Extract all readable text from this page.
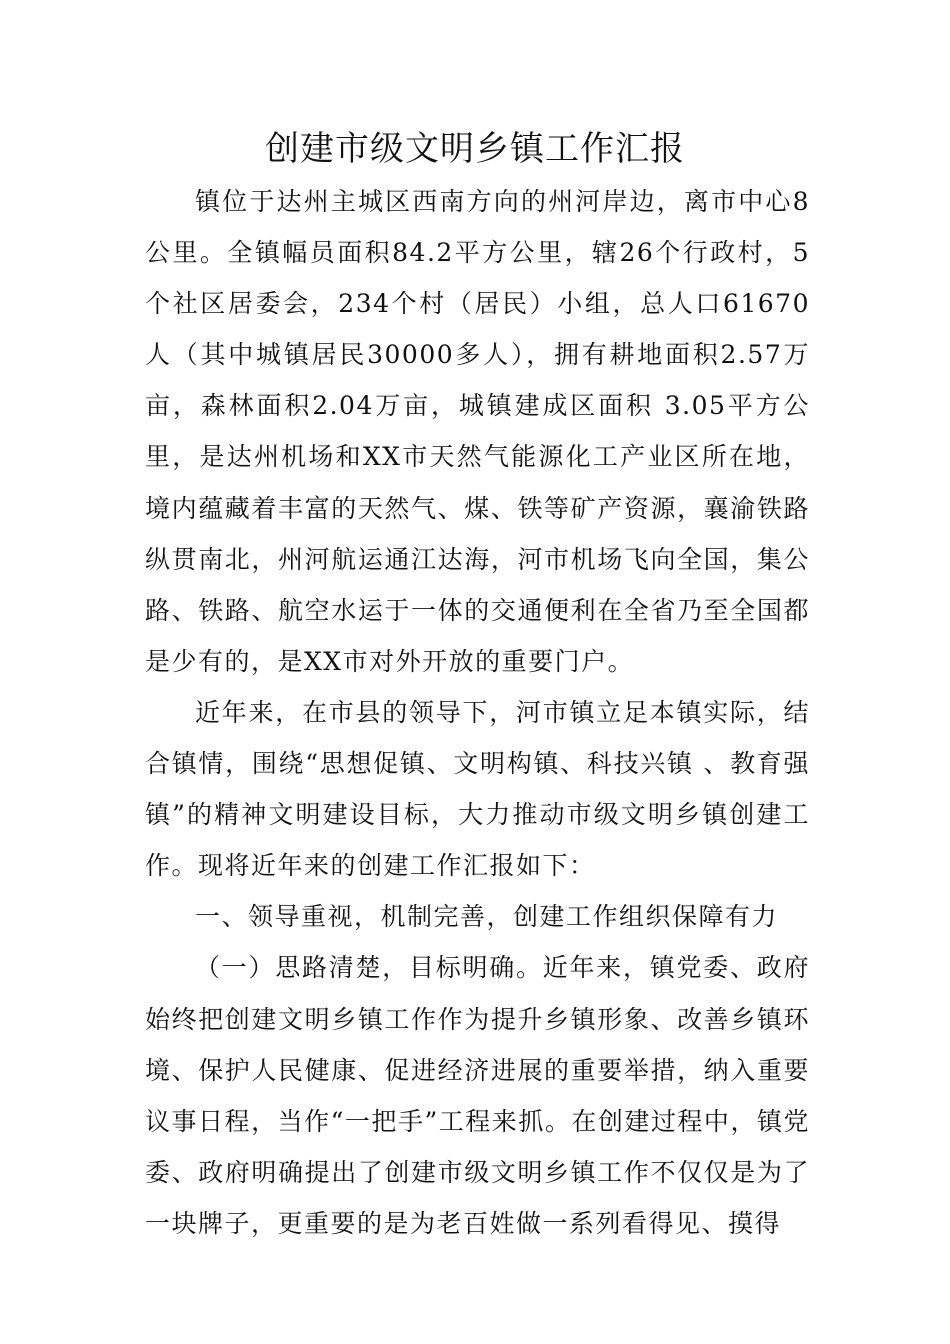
创建市级文明乡镇工作汇报

镇位于达州主城区西南方向的州河岸边，离市中心8公里。全镇幅员面积84.2平方公里，辖26个行政村，5个社区居委会，234个村（居民）小组，总人口61670人（其中城镇居民30000多人），拥有耕地面积2.57万亩，森林面积2.04万亩，城镇建成区面积 3.05平方公里，是达州机场和XX市天然气能源化工产业区所在地，境内蕴藏着丰富的天然气、煤、铁等矿产资源，襄渝铁路纵贯南北，州河航运通江达海，河市机场飞向全国，集公路、铁路、航空水运于一体的交通便利在全省乃至全国都是少有的，是XX市对外开放的重要门户。

近年来，在市县的领导下，河市镇立足本镇实际，结合镇情，围绕“思想促镇、文明构镇、科技兴镇 、教育强镇”的精神文明建设目标，大力推动市级文明乡镇创建工作。现将近年来的创建工作汇报如下：

一、领导重视，机制完善，创建工作组织保障有力

（一）思路清楚，目标明确。近年来，镇党委、政府始终把创建文明乡镇工作作为提升乡镇形象、改善乡镇环境、保护人民健康、促进经济进展的重要举措，纳入重要议事日程，当作“一把手”工程来抓。在创建过程中，镇党委、政府明确提出了创建市级文明乡镇工作不仅仅是为了一块牌子，更重要的是为老百姓做一系列看得见、摸得
